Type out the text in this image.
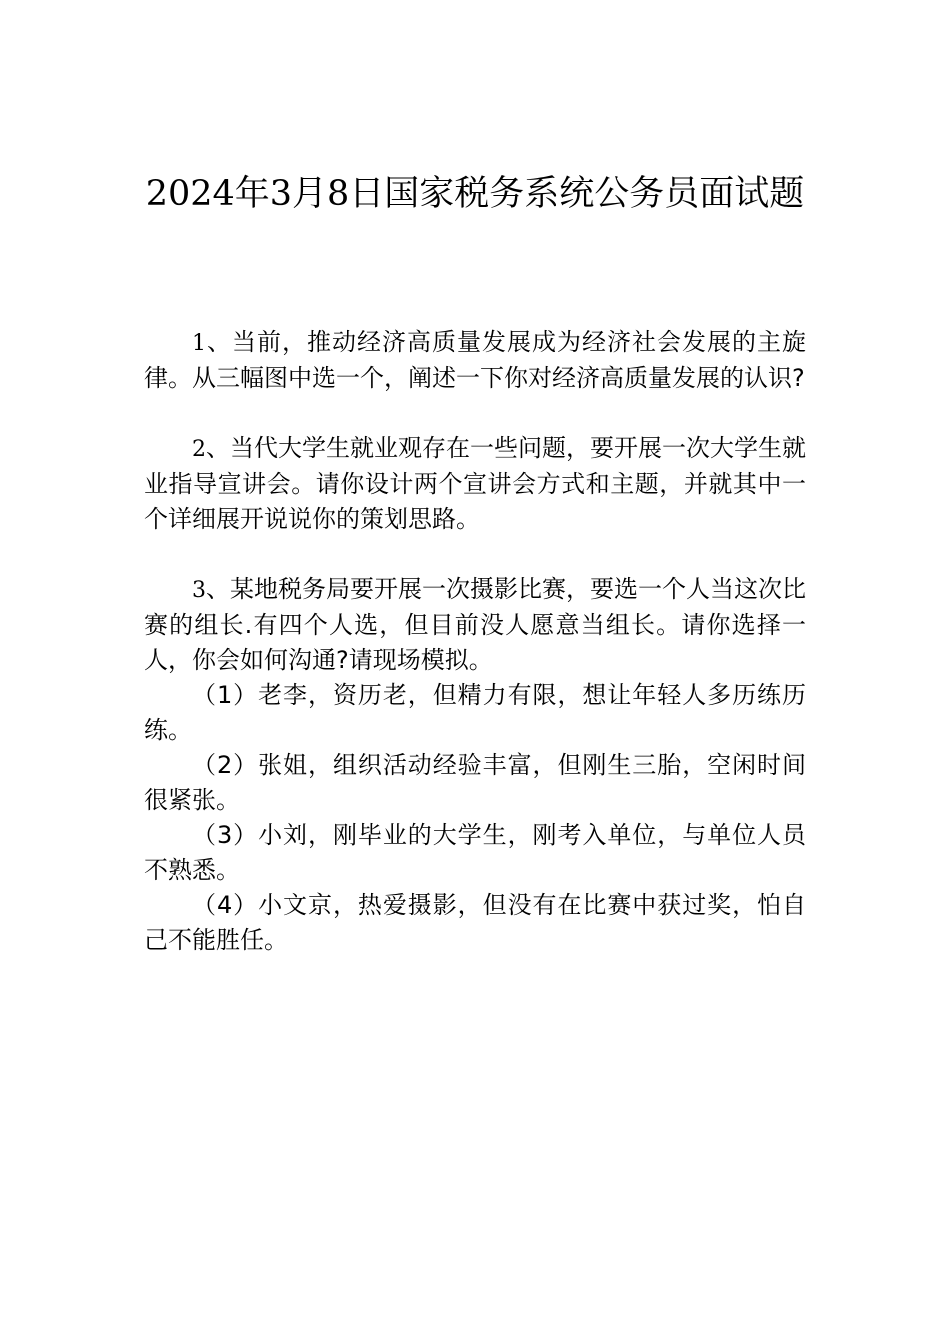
2024年3月8日国家税务系统公务员面试题

1、当前，推动经济高质量发展成为经济社会发展的主旋律。从三幅图中选一个，阐述一下你对经济高质量发展的认识?

2、当代大学生就业观存在一些问题，要开展一次大学生就业指导宣讲会。请你设计两个宣讲会方式和主题，并就其中一个详细展开说说你的策划思路。

3、某地税务局要开展一次摄影比赛，要选一个人当这次比赛的组长.有四个人选，但目前没人愿意当组长。请你选择一人，你会如何沟通?请现场模拟。

（1）老李，资历老，但精力有限，想让年轻人多历练历练。

（2）张姐，组织活动经验丰富，但刚生三胎，空闲时间很紧张。

（3）小刘，刚毕业的大学生，刚考入单位，与单位人员不熟悉。

（4）小文京，热爱摄影，但没有在比赛中获过奖，怕自己不能胜任。
